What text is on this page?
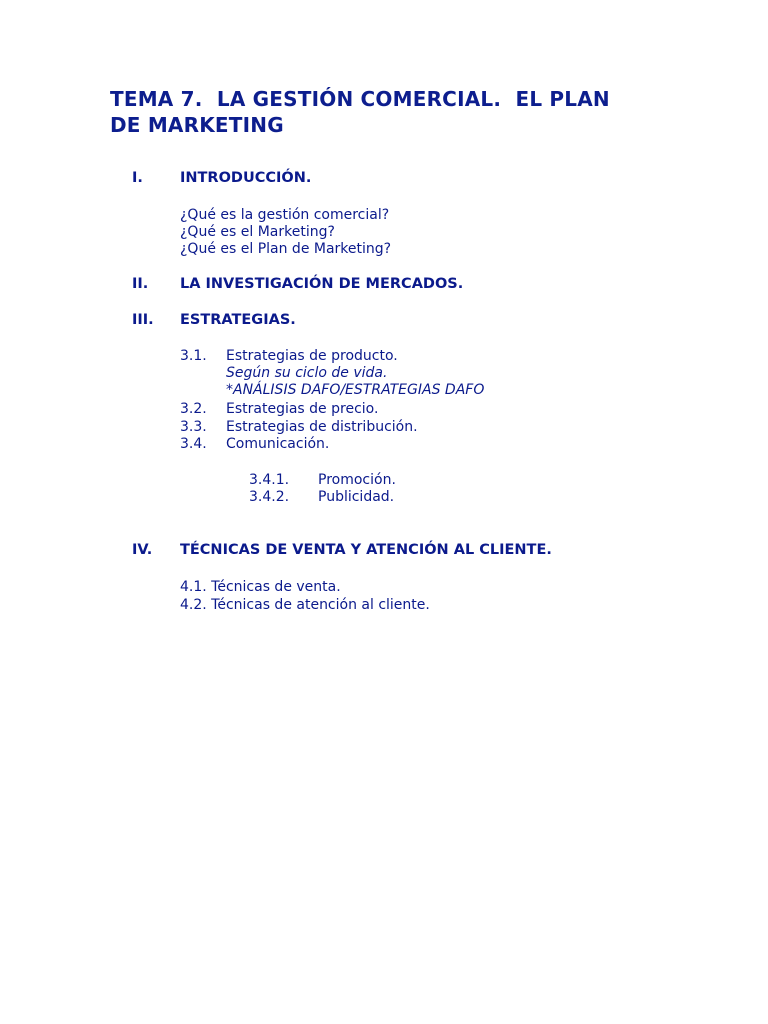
TEMA 7.  LA GESTIÓN COMERCIAL.  EL PLAN
DE MARKETING
I.	INTRODUCCIÓN.
¿Qué es la gestión comercial?
¿Qué es el Marketing?
¿Qué es el Plan de Marketing?
II. LA INVESTIGACIÓN DE MERCADOS.
III. ESTRATEGIAS.
3.1. Estrategias de producto.
Según su ciclo de vida.
*ANÁLISIS DAFO/ESTRATEGIAS DAFO
3.2. Estrategias de precio.
3.3. Estrategias de distribución.
3.4. Comunicación.
3.4.1. Promoción.
3.4.2. Publicidad.
IV. TÉCNICAS DE VENTA Y ATENCIÓN AL CLIENTE.
4.1. Técnicas de venta.
4.2. Técnicas de atención al cliente.
